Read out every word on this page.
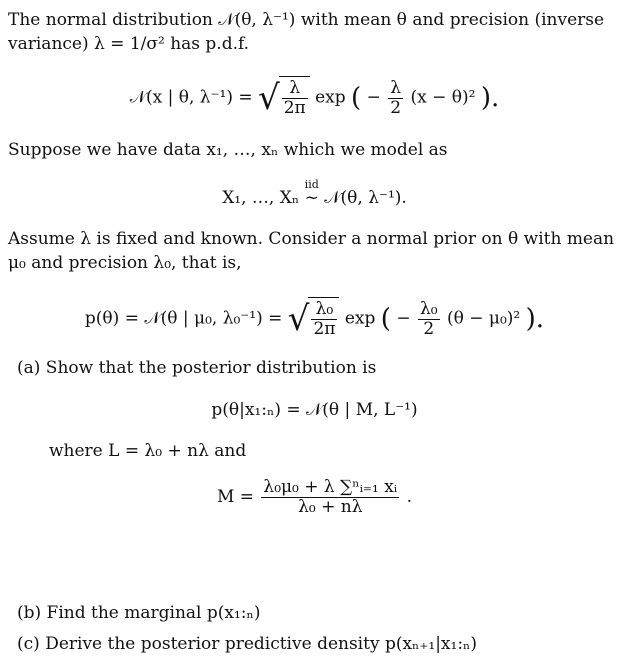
The normal distribution 𝒩(θ, λ⁻¹) with mean θ and precision (inverse
variance) λ = 1/σ² has p.d.f.
𝒩(x | θ, λ⁻¹) = √ $\frac{\lambda}{2\pi}$ exp ( − $\frac{\lambda}{2} (x - \theta)^2$ ).
Suppose we have data x₁, …, xₙ which we model as
X₁, …, Xₙ
iid
~ 𝒩(θ, λ⁻¹).
Assume λ is fixed and known. Consider a normal prior on θ with mean
μ₀ and precision λ₀, that is,
p(θ) = 𝒩(θ | μ₀, λ₀⁻¹) = √ $\frac{\text{λ₀}}{2\pi}$ exp ( − $\frac{\text{λ₀}}{2} (\theta - \mu_0)^2$ ).
(a) Show that the posterior distribution is
p(θ|x₁:ₙ) = 𝒩(θ | M, L⁻¹)
where L = λ₀ + nλ and
$M = \frac{\text{λ₀μ₀ + λ ∑ⁿᵢ₌₁ xᵢ}}{\text{λ₀ + nλ}}$ .
(b) Find the marginal p(x₁:ₙ)
(c) Derive the posterior predictive density p(xₙ₊₁|x₁:ₙ)
